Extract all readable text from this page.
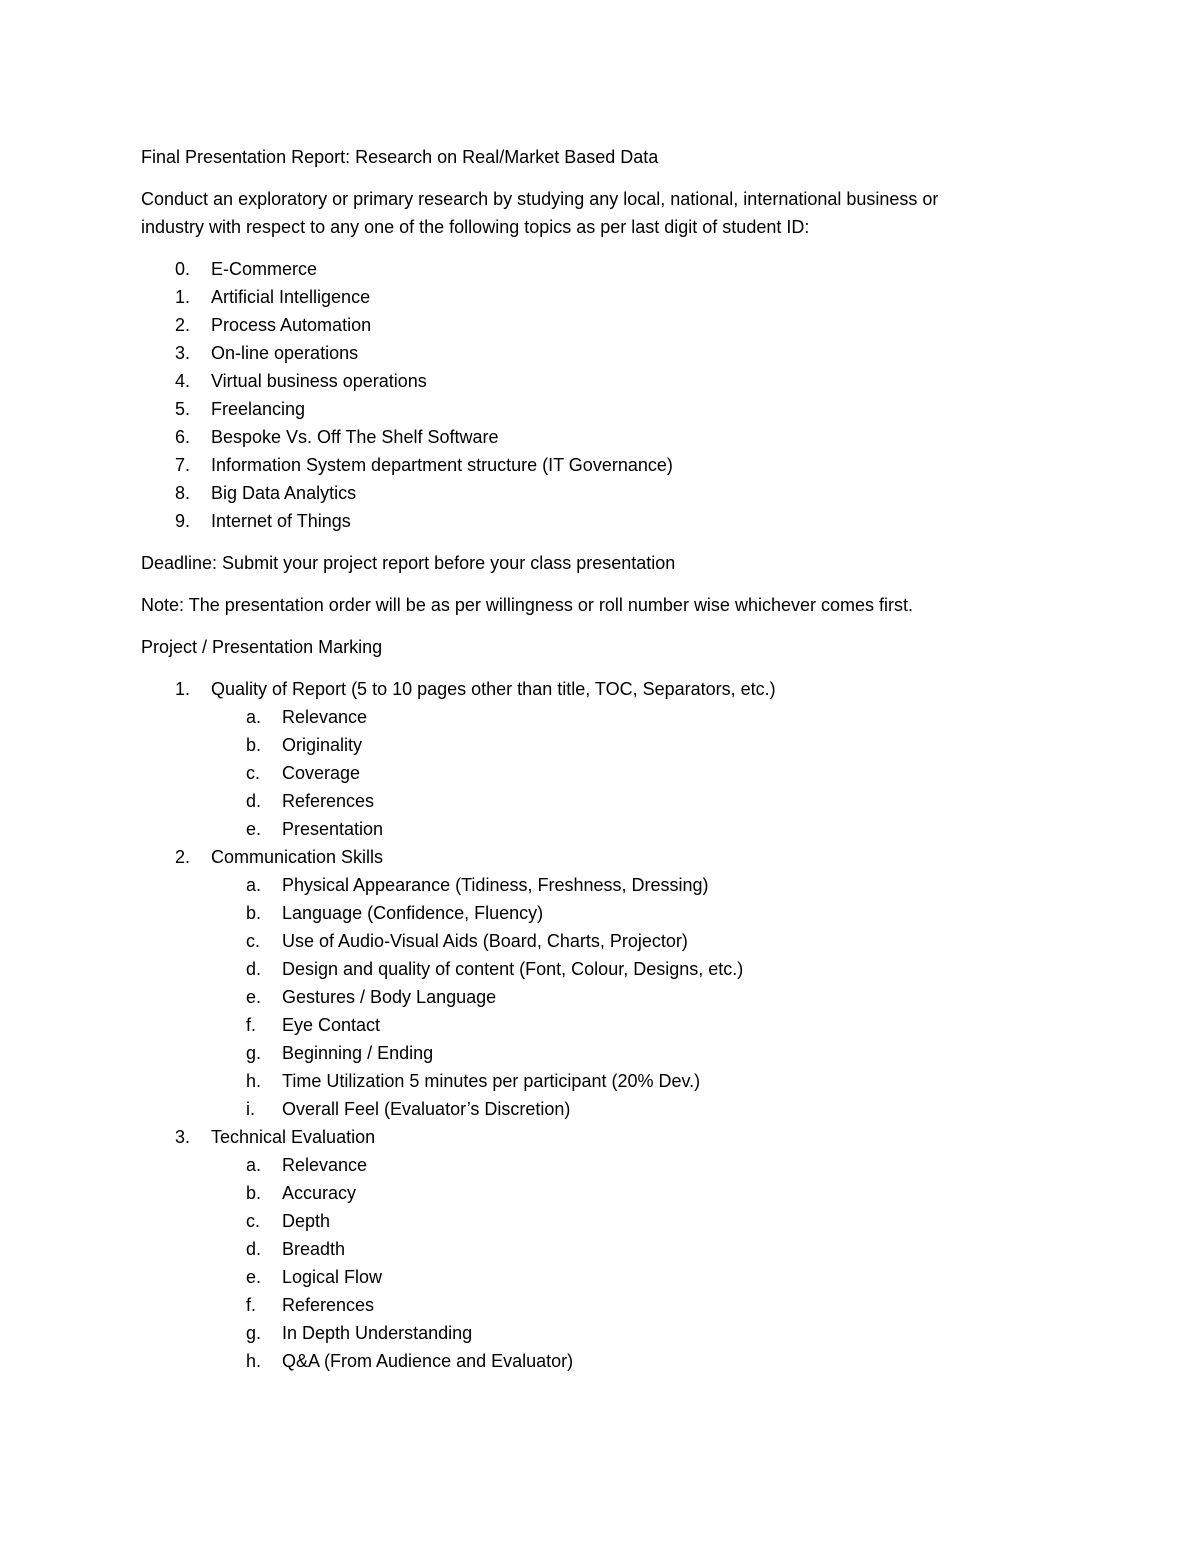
Final Presentation Report: Research on Real/Market Based Data
Conduct an exploratory or primary research by studying any local, national, international business or
industry with respect to any one of the following topics as per last digit of student ID:
0. E-Commerce
1. Artificial Intelligence
2. Process Automation
3. On-line operations
4. Virtual business operations
5. Freelancing
6. Bespoke Vs. Off The Shelf Software
7. Information System department structure (IT Governance)
8. Big Data Analytics
9. Internet of Things
Deadline: Submit your project report before your class presentation
Note: The presentation order will be as per willingness or roll number wise whichever comes first.
Project / Presentation Marking
1. Quality of Report (5 to 10 pages other than title, TOC, Separators, etc.)
a. Relevance
b. Originality
c. Coverage
d. References
e. Presentation
2. Communication Skills
a. Physical Appearance (Tidiness, Freshness, Dressing)
b. Language (Confidence, Fluency)
c. Use of Audio-Visual Aids (Board, Charts, Projector)
d. Design and quality of content (Font, Colour, Designs, etc.)
e. Gestures / Body Language
f. Eye Contact
g. Beginning / Ending
h. Time Utilization 5 minutes per participant (20% Dev.)
i. Overall Feel (Evaluator’s Discretion)
3. Technical Evaluation
a. Relevance
b. Accuracy
c. Depth
d. Breadth
e. Logical Flow
f. References
g. In Depth Understanding
h. Q&A (From Audience and Evaluator)
